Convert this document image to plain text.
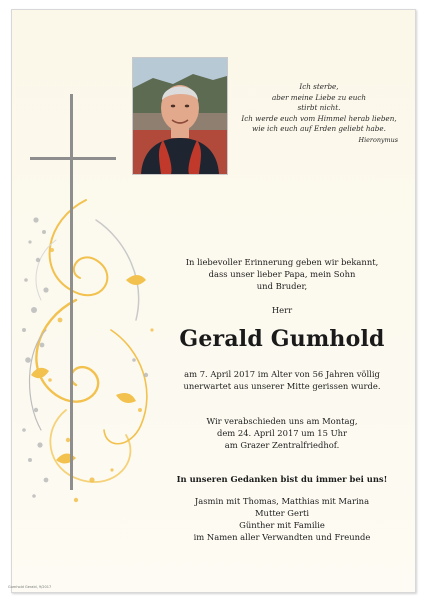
Ich sterbe,
aber meine Liebe zu euch
stirbt nicht.
Ich werde euch vom Himmel herab lieben,
wie ich euch auf Erden geliebt habe.
Hieronymus
In liebevoller Erinnerung geben wir bekannt,
dass unser lieber Papa, mein Sohn
und Bruder,
Herr
Gerald Gumhold
am 7. April 2017 im Alter von 56 Jahren völlig
unerwartet aus unserer Mitte gerissen wurde.
Wir verabschieden uns am Montag,
dem 24. April 2017 um 15 Uhr
am Grazer Zentralfriedhof.
In unseren Gedanken bist du immer bei uns!
Jasmin mit Thomas, Matthias mit Marina
Mutter Gerti
Günther mit Familie
im Namen aller Verwandten und Freunde
Gumhold Gerald, 9/2017
